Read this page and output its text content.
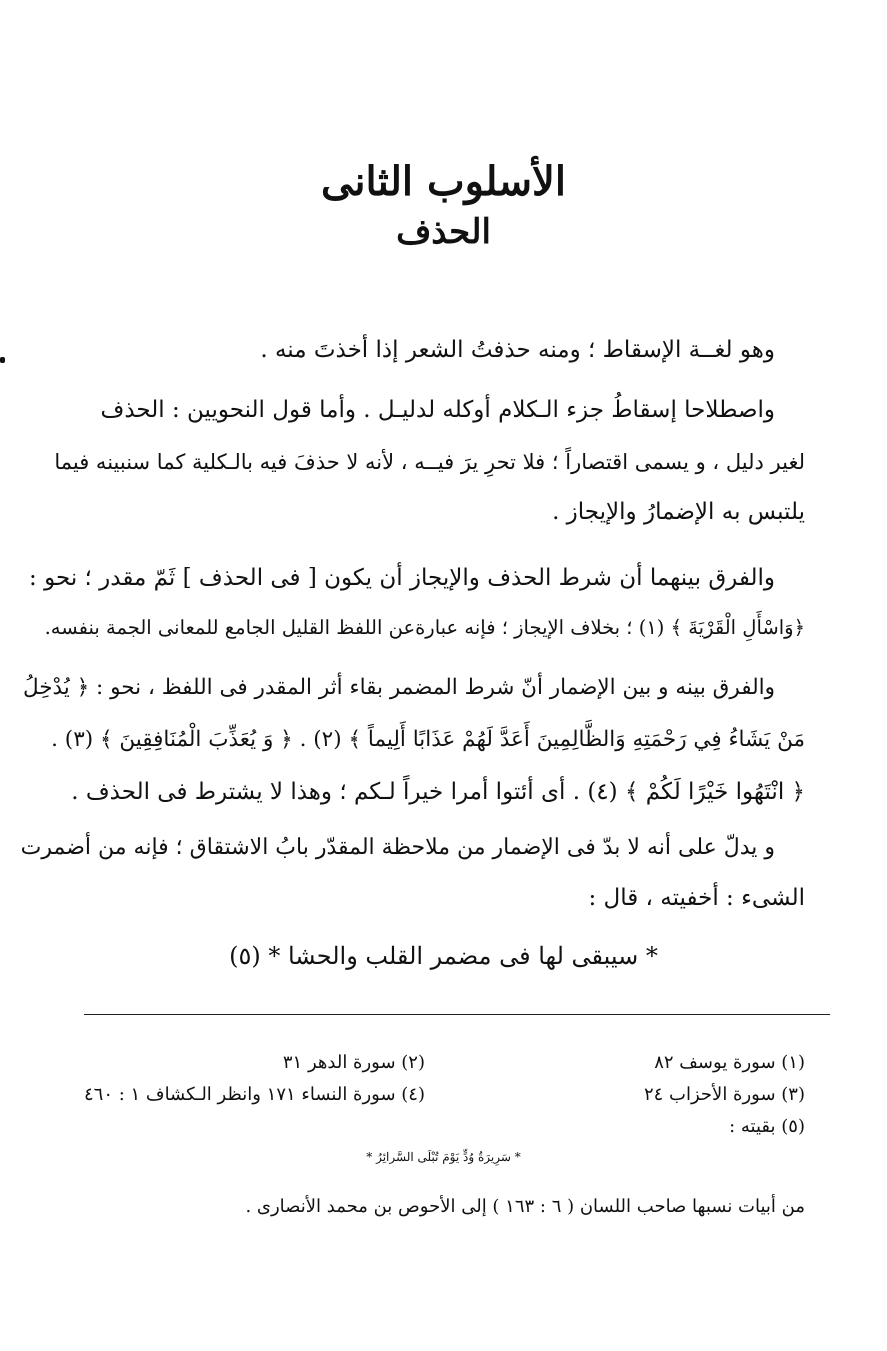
الأسلوب الثانى
الحذف
وهو لغــة الإسقاط ؛ ومنه حذفتُ الشعر إذا أخذتَ منه .
واصطلاحا إسقاطُ جزء الـكلام أوكله لدليـل . وأما قول النحويين : الحذف
لغير دليل ، و يسمى اقتصاراً ؛ فلا تحرِ يرَ فيــه ، لأنه لا حذفَ فيه بالـكلية كما سنبينه فيما
يلتبس به الإضمارُ والإيجاز .
والفرق بينهما أن شرط الحذف والإيجاز أن يكون [ فى الحذف ] ثَمّ مقدر ؛ نحو :
﴿وَاسْأَلِ الْقَرْيَةَ ﴾ (١) ؛ بخلاف الإيجاز ؛ فإنه عبارةعن اللفظ القليل الجامع للمعانى الجمة بنفسه.
والفرق بينه و بين الإضمار أنّ شرط المضمر بقاء أثر المقدر فى اللفظ ، نحو : ﴿ يُدْخِلُ
مَنْ يَشَاءُ فِي رَحْمَتِهِ وَالظَّالِمِينَ أَعَدَّ لَهُمْ عَذَابًا أَلِيماً ﴾ (٢) . ﴿ وَ يُعَذِّبَ الْمُنَافِقِينَ ﴾ (٣) .
﴿ انْتَهُوا خَيْرًا لَكُمْ ﴾ (٤) . أى أئتوا أمرا خيراً لـكم ؛ وهذا لا يشترط فى الحذف .
و يدلّ على أنه لا بدّ فى الإضمار من ملاحظة المقدّر بابُ الاشتقاق ؛ فإنه من أضمرت
الشىء : أخفيته ، قال :
* سيبقى لها فى مضمر القلب والحشا * (٥)
(١) سورة يوسف ٨٢
(٢) سورة الدهر ٣١
(٣) سورة الأحزاب ٢٤
(٤) سورة النساء ١٧١ وانظر الـكشاف ١ : ٤٦٠
(٥) بقيته :
* سَرِيرَةُ وُدٍّ يَوْمَ تُبْلَى السَّرائِرُ *
من أبيات نسبها صاحب اللسان ( ٦ : ١٦٣ ) إلى الأحوص بن محمد الأنصارى .
